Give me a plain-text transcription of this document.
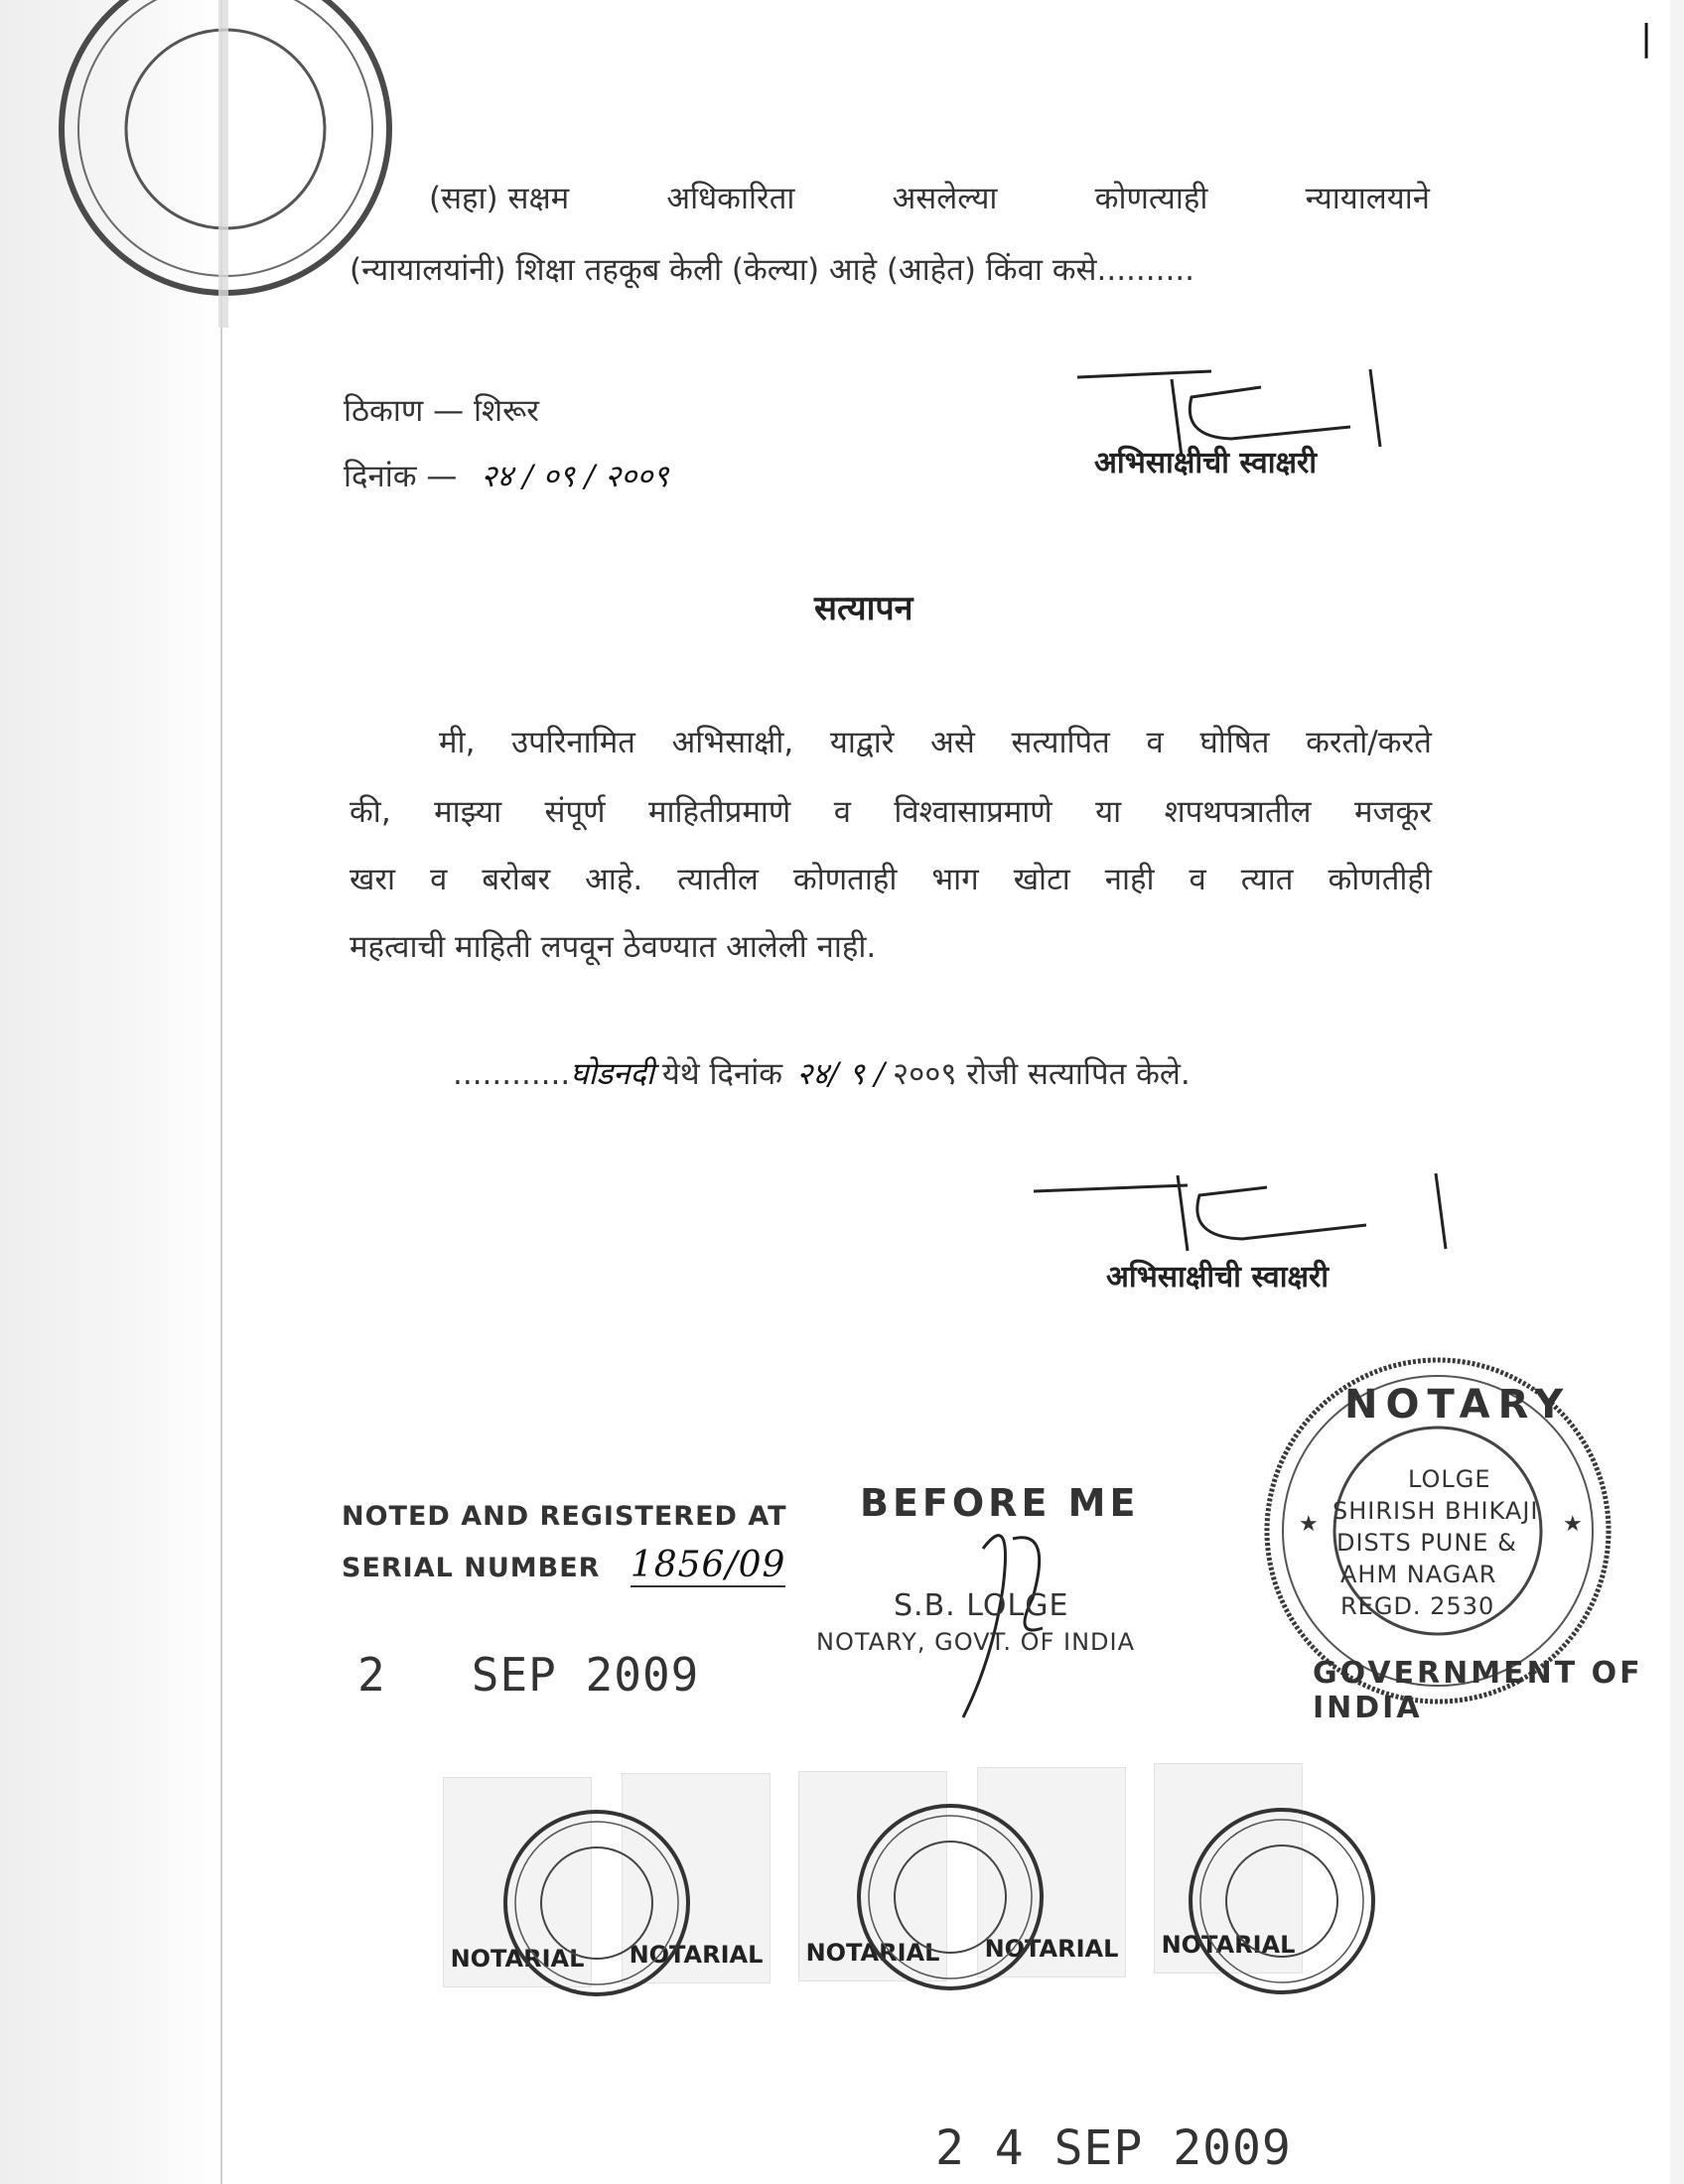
|
(सहा) सक्षम	अधिकारिता	असलेल्या	कोणत्याही	न्यायालयाने
(न्यायालयांनी) शिक्षा तहकूब केली (केल्या) आहे (आहेत) किंवा कसे..........
ठिकाण — शिरूर
दिनांक — २४ / ०९ / २००९	अभिसाक्षीची स्वाक्षरी
सत्यापन
मी, उपरिनामित अभिसाक्षी, याद्वारे असे सत्यापित व घोषित करतो/करते
की, माझ्या संपूर्ण माहितीप्रमाणे व विश्वासाप्रमाणे या शपथपत्रातील मजकूर
खरा व बरोबर आहे. त्यातील कोणताही भाग खोटा नाही व त्यात कोणतीही
महत्वाची माहिती लपवून ठेवण्यात आलेली नाही.
............घोडनदी येथे दिनांक २४/ ९ / २००९ रोजी सत्यापित केले.
अभिसाक्षीची स्वाक्षरी
★	★
NOTARY
LOLGE
SHIRISH BHIKAJI
DISTS PUNE &
AHM NAGAR
REGD. 2530
GOVERNMENT OF INDIA
NOTED AND REGISTERED AT
SERIAL NUMBER 1856/09
2   SEP 2009
BEFORE ME
S.B. LOLGE
NOTARY, GOVT. OF INDIA
NOTARIAL NOTARIAL NOTARIAL NOTARIAL NOTARIAL
2 4 SEP 2009
